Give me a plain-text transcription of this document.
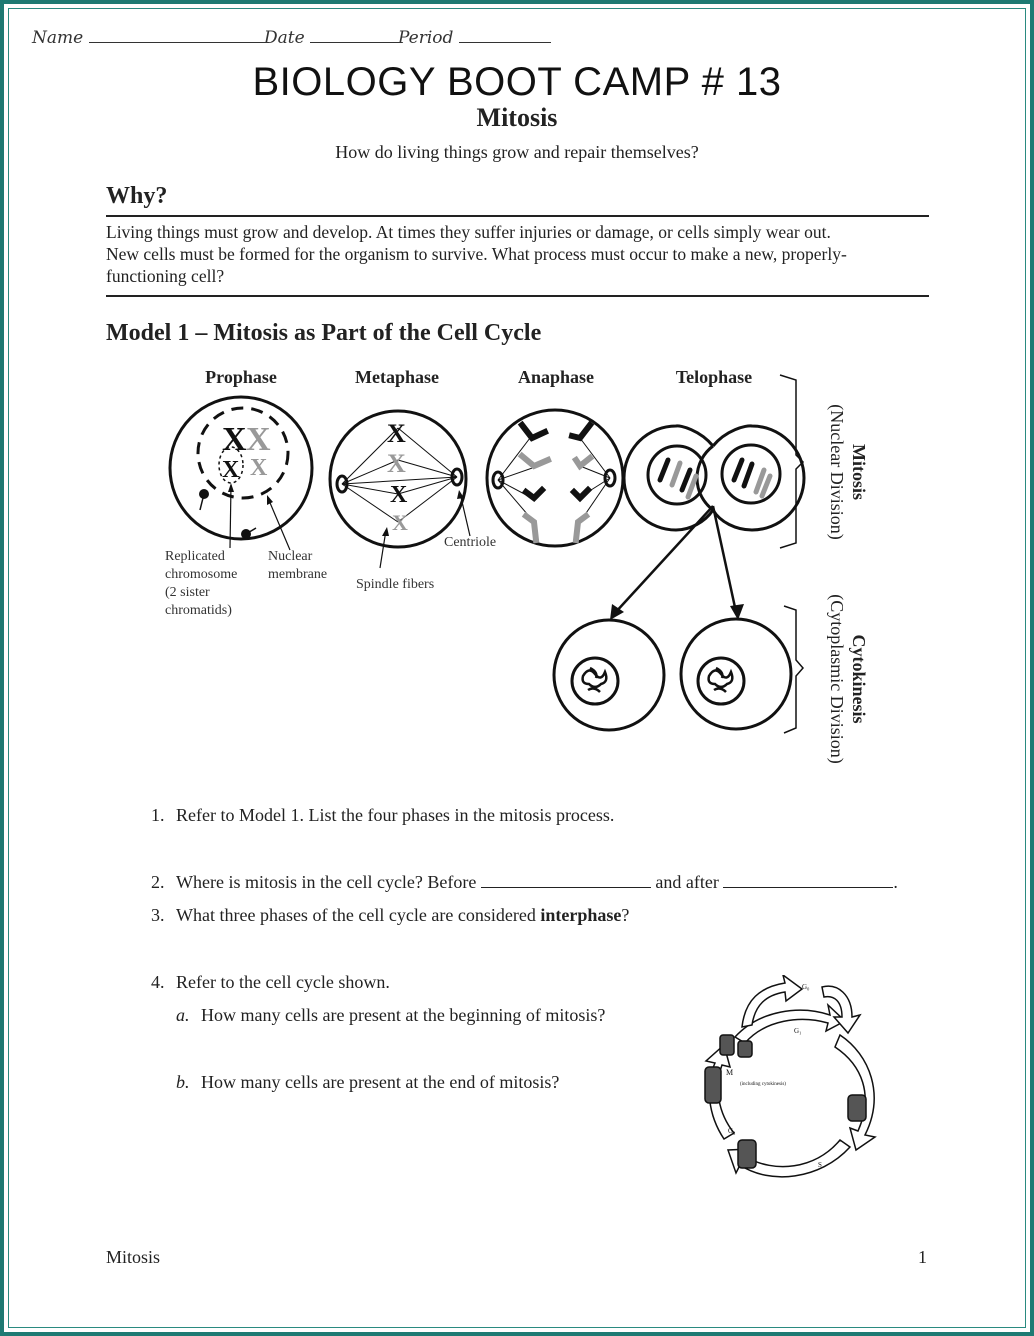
Name	Date	Period
BIOLOGY BOOT CAMP # 13
Mitosis
How do living things grow and repair themselves?
Why?
Living things must grow and develop. At times they suffer injuries or damage, or cells simply wear out.
New cells must be formed for the organism to survive. What process must occur to make a new, properly-
functioning cell?
Model 1 – Mitosis as Part of the Cell Cycle
Prophase	Metaphase	Anaphase	Telophase
X X
X X
X
X
X
X
Replicated
chromosome
(2 sister
chromatids)
Nuclear
membrane
Spindle fibers
Centriole
Mitosis
(Nuclear Division)
Cytokinesis
(Cytoplasmic Division)
1. Refer to Model 1. List the four phases in the mitosis process.
2. Where is mitosis in the cell cycle? Before	and after	.
3. What three phases of the cell cycle are considered interphase?
4. Refer to the cell cycle shown.
a. How many cells are present at the beginning of mitosis?
b. How many cells are present at the end of mitosis?
G₀
G₁
M
(including cytokinesis)
G₂
S
Mitosis	1
